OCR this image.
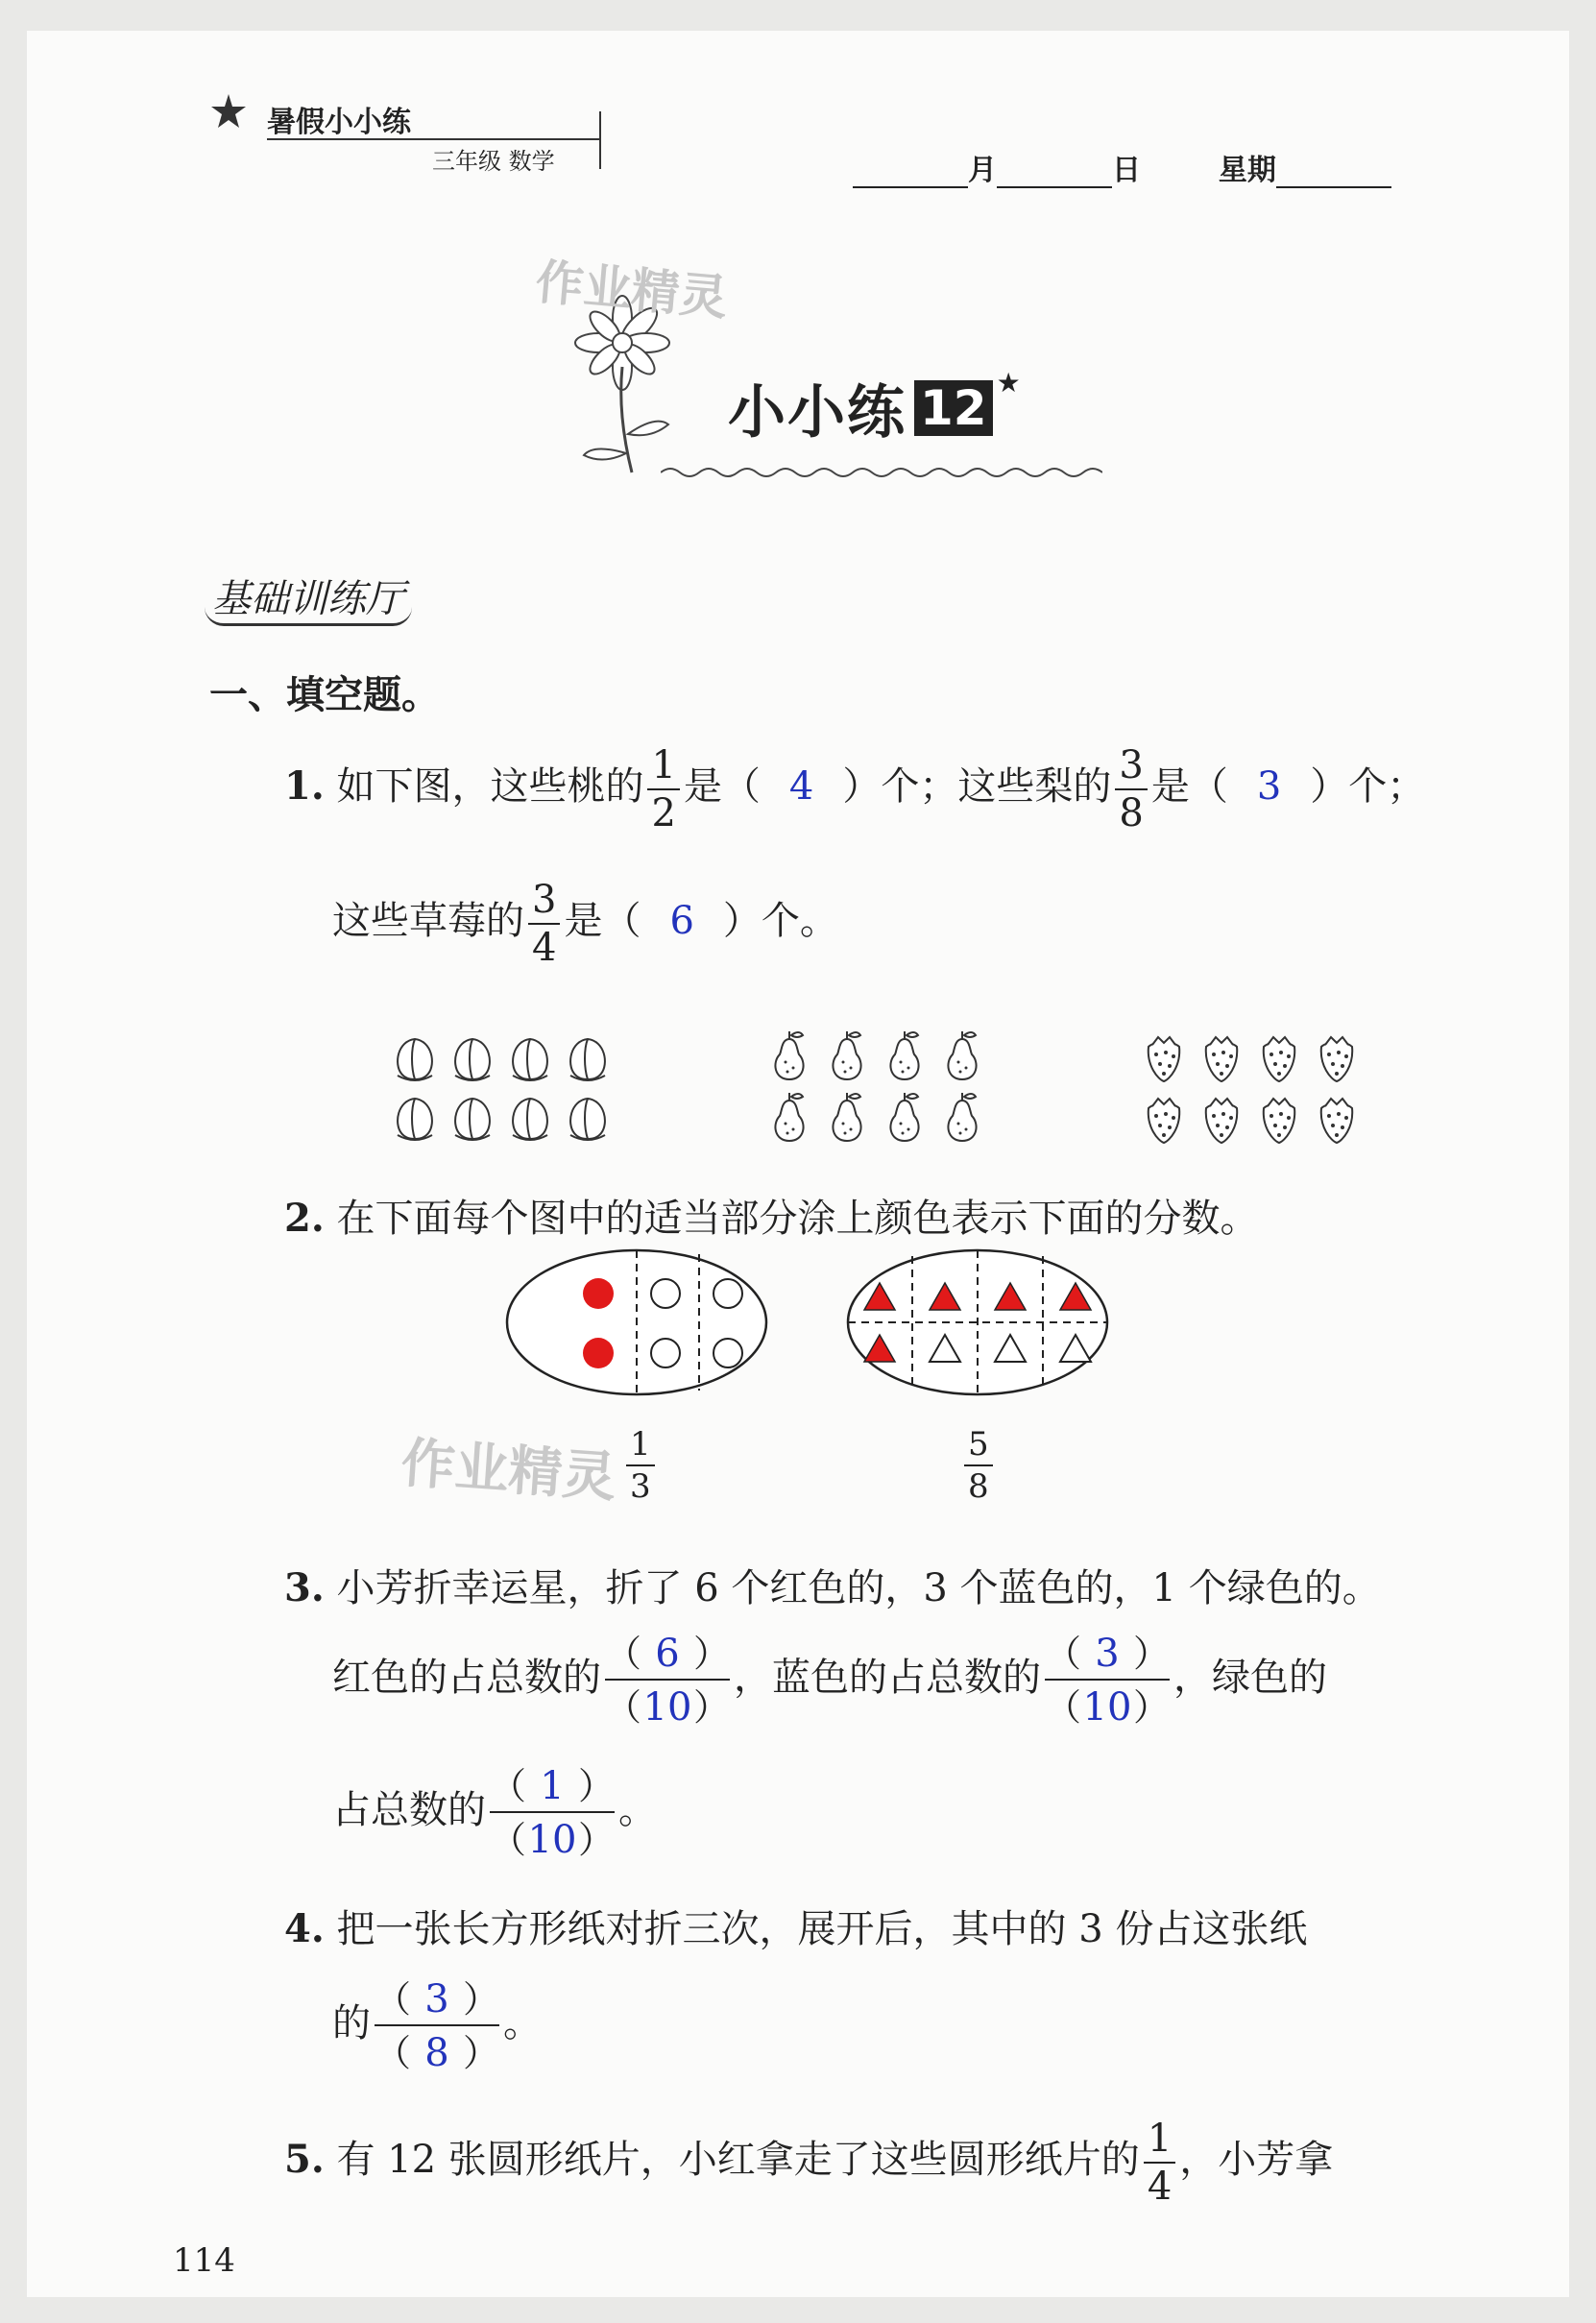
暑假小小练
三年级 数学	月	日	星期
作业精灵
小小练 12 ★
基础训练厅
一、填空题。
1. 如下图，这些桃的 $\frac{1}{2}$ 是（ 4 ）个；这些梨的 $\frac{3}{8}$ 是（ 3 ）个；
这些草莓的 $\frac{3}{4}$ 是（ 6 ）个。
2. 在下面每个图中的适当部分涂上颜色表示下面的分数。
$\frac{1}{3}$	$\frac{5}{8}$
作业精灵
3. 小芳折幸运星，折了 6 个红色的，3 个蓝色的，1 个绿色的。
红色的占总数的 $\frac{( 6 )}{( 10 )}$ ，蓝色的占总数的 $\frac{( 3 )}{( 10 )}$ ，绿色的
占总数的 $\frac{( 1 )}{( 10 )}$ 。
4. 把一张长方形纸对折三次，展开后，其中的 3 份占这张纸
的 $\frac{( 3 )}{( 8 )}$ 。
5. 有 12 张圆形纸片，小红拿走了这些圆形纸片的 $\frac{1}{4}$ ，小芳拿
114
